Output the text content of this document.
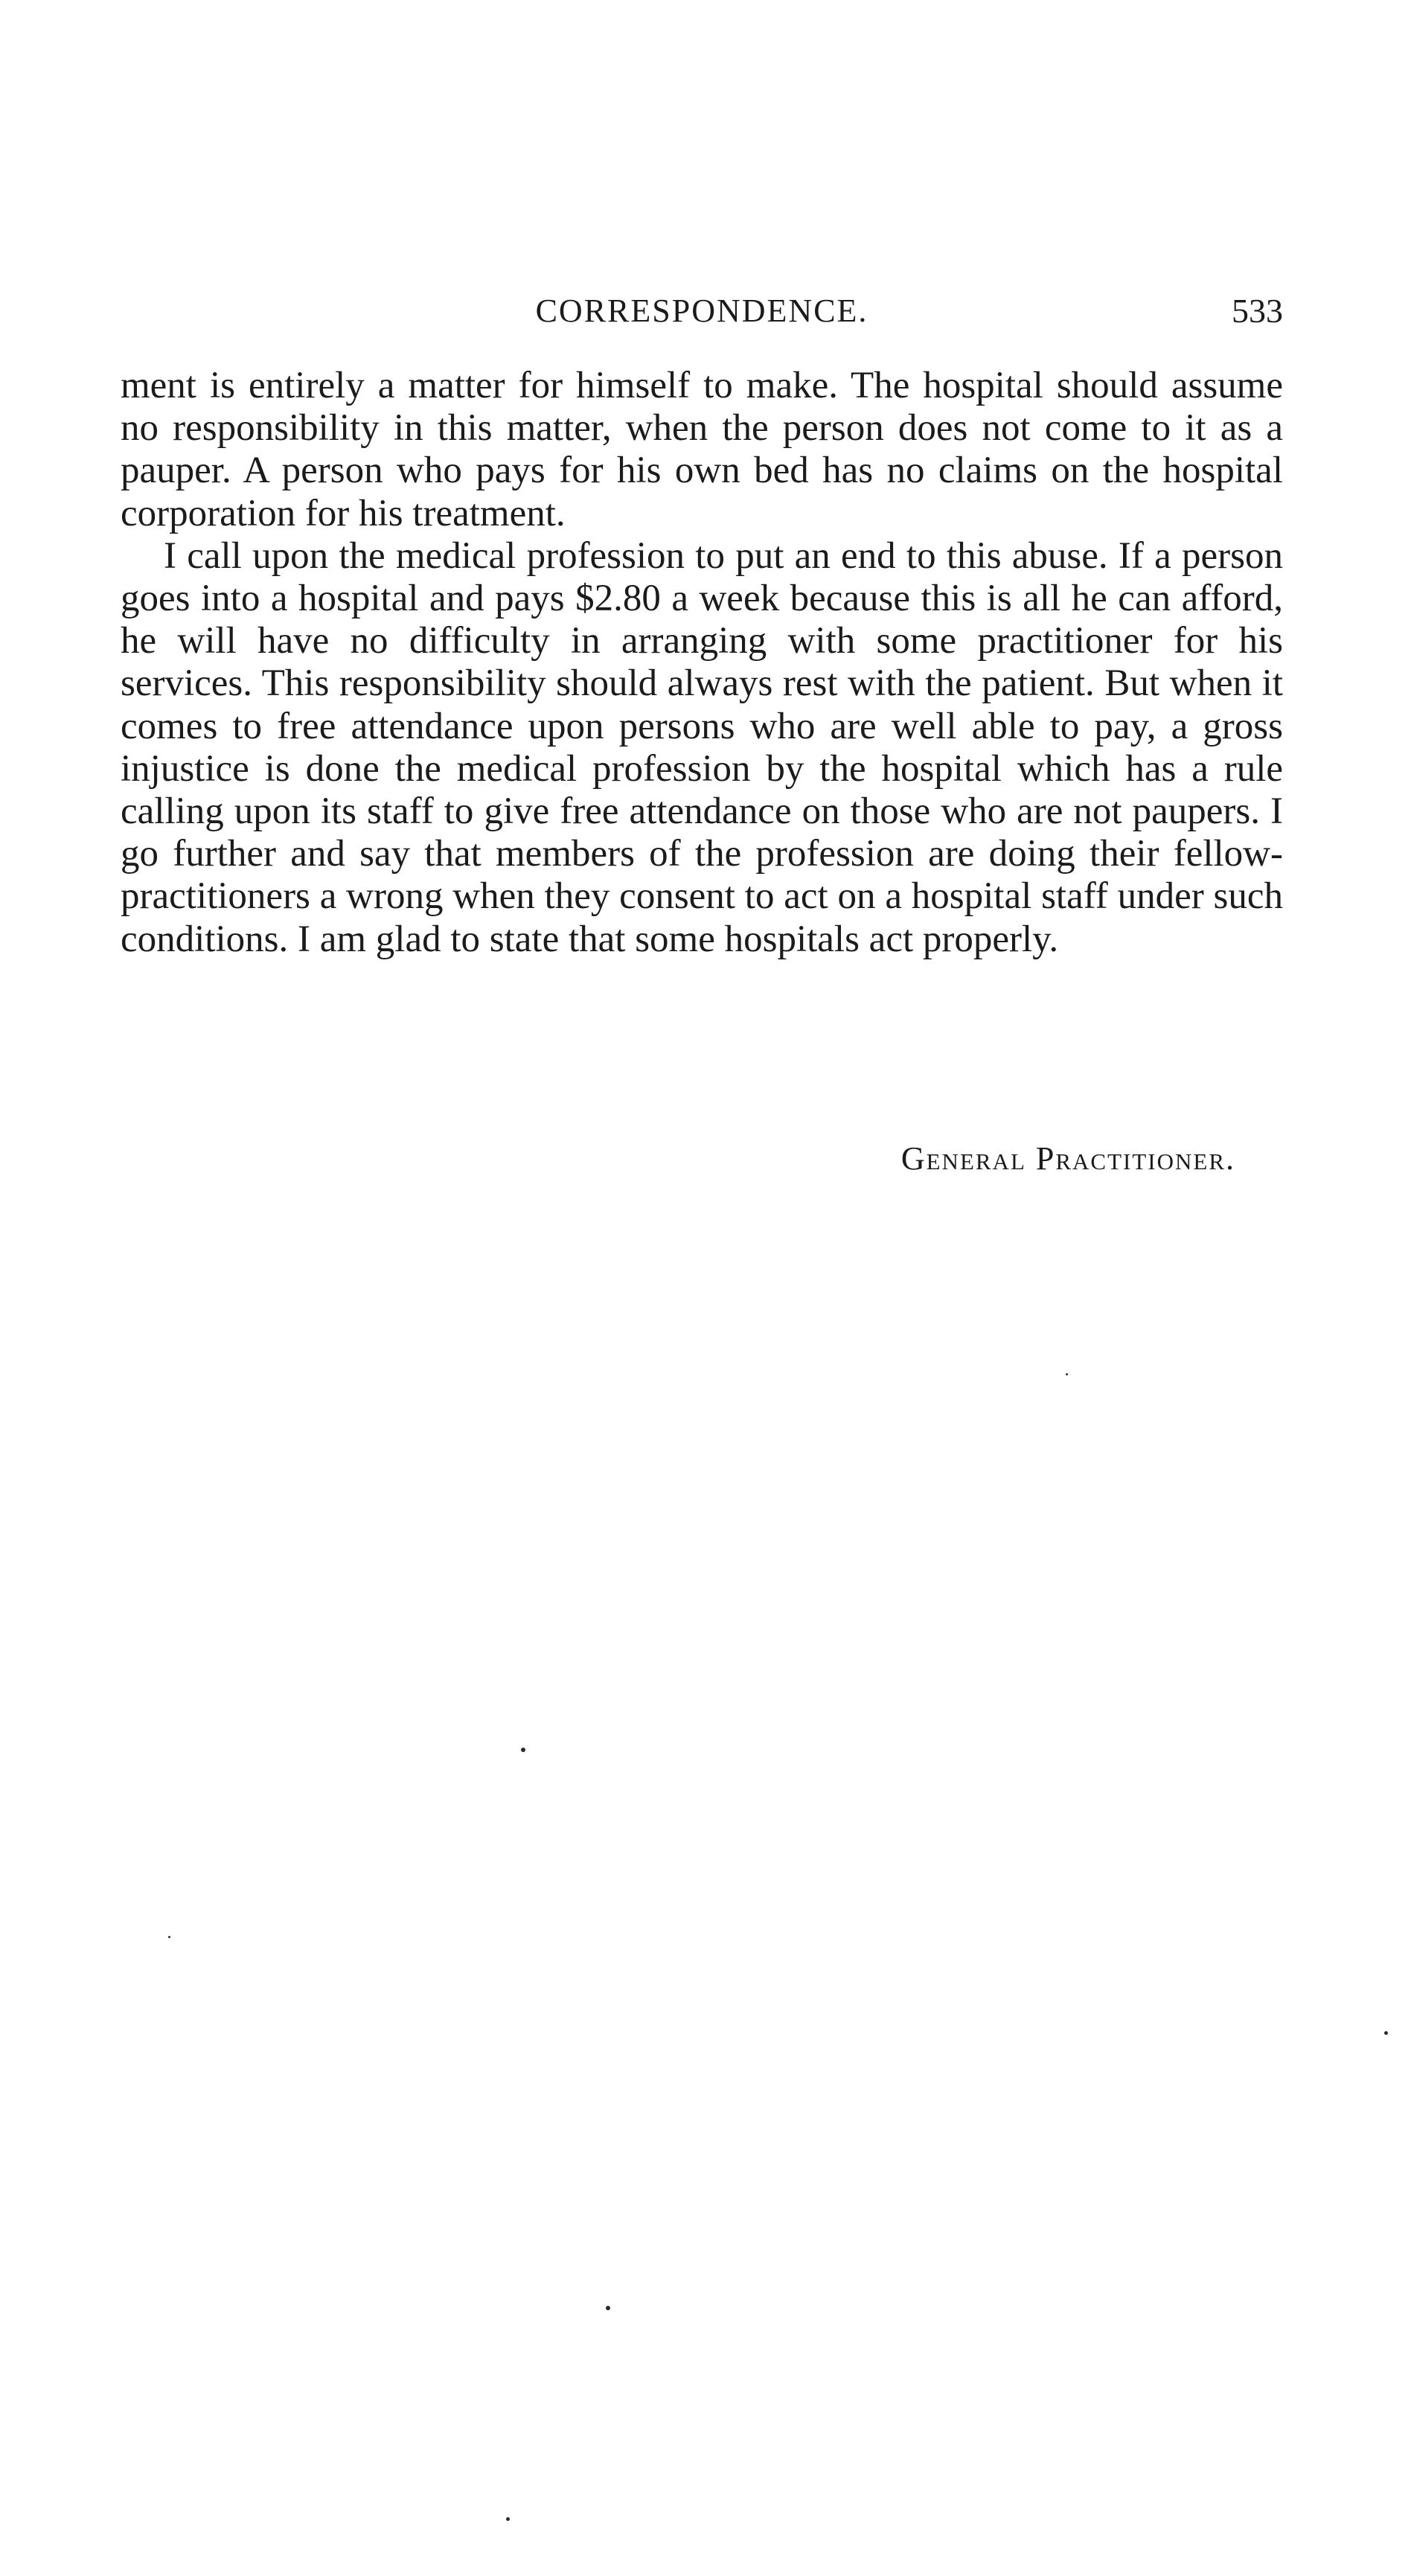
CORRESPONDENCE.	533

ment is entirely a matter for himself to make. The hospital should assume no responsibility in this matter, when the person does not come to it as a pauper. A person who pays for his own bed has no claims on the hospital corporation for his treatment.

I call upon the medical profession to put an end to this abuse. If a person goes into a hospital and pays $2.80 a week because this is all he can afford, he will have no difficulty in arranging with some practitioner for his services. This responsibility should always rest with the patient. But when it comes to free attendance upon persons who are well able to pay, a gross injustice is done the medical profession by the hospital which has a rule calling upon its staff to give free attendance on those who are not paupers. I go further and say that members of the profession are doing their fellow-practitioners a wrong when they consent to act on a hospital staff under such conditions. I am glad to state that some hospitals act properly.

General Practitioner.
